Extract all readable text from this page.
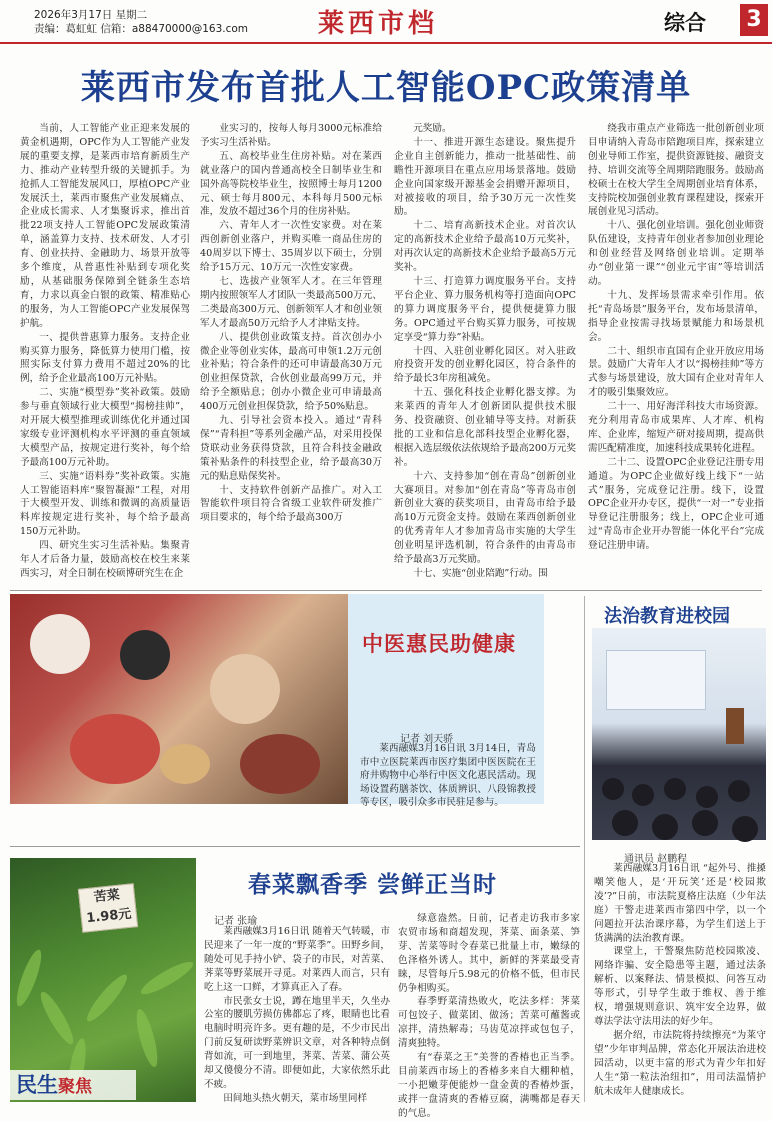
2026年3月17日 星期二
责编：葛虹虹 信箱：a88470000@163.com	莱西市档	综合 3
莱西市发布首批人工智能OPC政策清单

当前，人工智能产业正迎来发展的黄金机遇期，OPC作为人工智能产业发展的重要支撑，是莱西市培育新质生产力、推动产业转型升级的关键抓手。为抢抓人工智能发展风口，厚植OPC产业发展沃土，莱西市聚焦产业发展痛点、企业成长需求、人才集聚诉求，推出首批22项支持人工智能OPC发展政策清单，涵盖算力支持、技术研发、人才引育、创业扶持、金融助力、场景开放等多个维度，从普惠性补贴到专项化奖励，从基础服务保障到全链条生态培育，力求以真金白银的政策、精准贴心的服务，为人工智能OPC产业发展保驾护航。

一、提供普惠算力服务。支持企业购买算力服务，降低算力使用门槛，按照实际支付算力费用不超过20%的比例，给予企业最高100万元补贴。

二、实施“模型券”奖补政策。鼓励参与垂直领域行业大模型“揭榜挂帅”，对开展大模型推理或训练优化并通过国家级专业评测机构水平评测的垂直领域大模型产品，按规定进行奖补，每个给予最高100万元补助。

三、实施“语料券”奖补政策。实施人工智能语料库“聚智凝源”工程，对用于大模型开发、训练和微调的高质量语料库按规定进行奖补，每个给予最高150万元补助。

四、研究生实习生活补贴。集聚青年人才后备力量，鼓励高校在校生来莱西实习，对全日制在校硕博研究生在企

业实习的，按每人每月3000元标准给予实习生活补贴。

五、高校毕业生住房补贴。对在莱西就业落户的国内普通高校全日制毕业生和国外高等院校毕业生，按照博士每月1200元、硕士每月800元、本科每月500元标准，发放不超过36个月的住房补贴。

六、青年人才一次性安家费。对在莱西创新创业落户，并购买唯一商品住房的40周岁以下博士、35周岁以下硕士，分别给予15万元、10万元一次性安家费。

七、选拔产业领军人才。在三年管理期内按照领军人才团队一类最高500万元、二类最高300万元、创新领军人才和创业领军人才最高50万元给予人才津贴支持。

八、提供创业政策支持。首次创办小微企业等创业实体，最高可申领1.2万元创业补贴；符合条件的还可申请最高30万元创业担保贷款，合伙创业最高99万元，并给予全额贴息；创办小微企业可申请最高400万元创业担保贷款，给予50%贴息。

九、引导社会资本投入。通过“青科保”“青科担”等系列金融产品，对采用投保贷联动业务获得贷款，且符合科技金融政策补贴条件的科技型企业，给予最高30万元的贴息贴保奖补。

十、支持软件创新产品推广。对入工智能软件项目符合省级工业软件研发推广项目要求的，每个给予最高300万

元奖励。

十一、推进开源生态建设。聚焦提升企业自主创新能力，推动一批基础性、前瞻性开源项目在重点应用场景落地。鼓励企业向国家级开源基金会捐赠开源项目，对被接收的项目，给予30万元一次性奖励。

十二、培育高新技术企业。对首次认定的高新技术企业给予最高10万元奖补，对再次认定的高新技术企业给予最高5万元奖补。

十三、打造算力调度服务平台。支持平台企业、算力服务机构等打造面向OPC的算力调度服务平台，提供便捷算力服务。OPC通过平台购买算力服务，可按规定享受“算力券”补贴。

十四、入驻创业孵化园区。对入驻政府投资开发的创业孵化园区，符合条件的给予最长3年房租减免。

十五、强化科技企业孵化器支撑。为来莱西的青年人才创新团队提供技术服务、投资融资、创业辅导等支持。对新获批的工业和信息化部科技型企业孵化器，根据入选层级依法依规给予最高200万元奖补。

十六、支持参加“创在青岛”创新创业大赛项目。对参加“创在青岛”等青岛市创新创业大赛的获奖项目，由青岛市给予最高10万元资金支持。鼓励在莱西创新创业的优秀青年人才参加青岛市实施的大学生创业明星评选机制，符合条件的由青岛市给予最高3万元奖励。

十七、实施“创业陪跑”行动。围

绕我市重点产业筛选一批创新创业项目申请纳入青岛市陪跑项目库，探索建立创业导师工作室，提供资源链接、融资支持、培训交流等全周期陪跑服务。鼓励高校硕士在校大学生全周期创业培育体系，支持院校加强创业教育课程建设，探索开展创业见习活动。

十八、强化创业培训。强化创业师资队伍建设，支持青年创业者参加创业理论和创业经营及网络创业培训。定期举办“创业第一课”“创业元宇宙”等培训活动。

十九、发挥场景需求牵引作用。依托“青岛场景”服务平台，发布场景清单，指导企业按需寻找场景赋能力和场景机会。

二十、组织市直国有企业开放应用场景。鼓励广大青年人才以“揭榜挂帅”等方式参与场景建设，放大国有企业对青年人才的吸引集聚效应。

二十一、用好海洋科技大市场资源。充分利用青岛市成果库、人才库、机构库、企业库，缩短产研对接周期，提高供需匹配精准度，加速科技成果转化进程。

二十二、设置OPC企业登记注册专用通道。为OPC企业做好线上线下“一站式”服务，完成登记注册。线下，设置OPC企业开办专区，提供“一对一”专业指导登记注册服务；线上，OPC企业可通过“青岛市企业开办智能一体化平台”完成登记注册申请。

中医惠民助健康
记者 刘天骄

莱西融媒3月16日讯 3月14日，青岛市中立医院莱西市医疗集团中医医院在王府井购物中心举行中医文化惠民活动。现场设置药膳茶饮、体质辨识、八段锦教授等专区，吸引众多市民驻足参与。

法治教育进校园
通讯员 赵鹏程

莱西融媒3月16日讯 “起外号、推搡嘲笑他人，是‘开玩笑’还是‘校园欺凌’?”日前，市法院夏格庄法庭（少年法庭）干警走进莱西市第四中学，以一个问题拉开法治课序幕，为学生们送上于货满满的法治教育课。

课堂上，干警聚焦防范校园欺凌、网络诈骗、安全隐患等主题，通过法条解析、以案释法、情景模拟、问答互动等形式，引导学生敢于维权、善于维权，增强规则意识、筑牢安全边界，做尊法学法守法用法的好少年。

据介绍，市法院将持续擦亮“为莱守望”少年审判品牌，常态化开展法治进校园活动，以更丰富的形式为青少年扣好人生“第一粒法治纽扣”，用司法温情护航未成年人健康成长。

苦菜 1.98元
民生聚焦
春菜飘香季 尝鲜正当时
记者 张瑜

莱西融媒3月16日讯 随着天气转暖，市民迎来了一年一度的“野菜季”。田野乡间，随处可见手持小铲、袋子的市民，对苦菜、荠菜等野菜展开寻觅。对莱西人而言，只有吃上这一口鲜，才算真正入了春。

市民张女士说，蹲在地里半天，久坐办公室的腰肌劳损仿佛都忘了疼，眼睛也比看电脑时明亮许多。更有趣的是，不少市民出门前反复研读野菜辨识文章，对各种特点倒背如流，可一到地里，荠菜、苦菜、蒲公英却又傻傻分不清。即便如此，大家依然乐此不疲。

田间地头热火朝天，菜市场里同样

绿意盎然。日前，记者走访我市多家农贸市场和商超发现，荠菜、面条菜、笋芽、苦菜等时令春菜已批量上市，嫩绿的色泽格外诱人。其中，新鲜的荠菜最受青睐，尽管每斤5.98元的价格不低，但市民仍争相购买。

春季野菜清热败火，吃法多样：荠菜可包饺子、做菜团、做汤；苦菜可蘸酱或凉拌，清热解毒；马齿苋凉拌或包包子，清爽独特。

有“春菜之王”美誉的香椿也正当季。目前莱西市场上的香椿多来自大棚种植，一小把嫩芽便能炒一盘金黄的香椿炒蛋，或拌一盘清爽的香椿豆腐，满嘴都是春天的气息。
